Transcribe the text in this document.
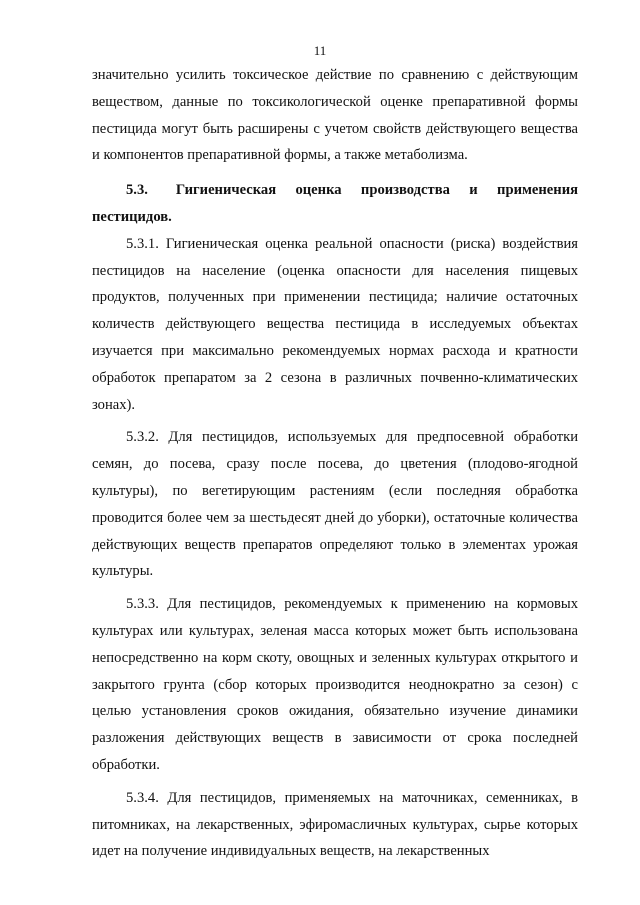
11

значительно усилить токсическое действие по сравнению с действующим веществом, данные по токсикологической оценке препаративной формы пестицида могут быть расширены с учетом свойств действующего вещества и компонентов препаративной формы, а также метаболизма.

5.3. Гигиеническая оценка производства и применения пестицидов.

5.3.1. Гигиеническая оценка реальной опасности (риска) воздействия пестицидов на население (оценка опасности для населения пищевых продуктов, полученных при применении пестицида; наличие остаточных количеств действующего вещества пестицида в исследуемых объектах изучается при максимально рекомендуемых нормах расхода и кратности обработок препаратом за 2 сезона в различных почвенно-климатических зонах).

5.3.2. Для пестицидов, используемых для предпосевной обработки семян, до посева, сразу после посева, до цветения (плодово-ягодной культуры), по вегетирующим растениям (если последняя обработка проводится более чем за шестьдесят дней до уборки), остаточные количества действующих веществ препаратов определяют только в элементах урожая культуры.

5.3.3. Для пестицидов, рекомендуемых к применению на кормовых культурах или культурах, зеленая масса которых может быть использована непосредственно на корм скоту, овощных и зеленных культурах открытого и закрытого грунта (сбор которых производится неоднократно за сезон) с целью установления сроков ожидания, обязательно изучение динамики разложения действующих веществ в зависимости от срока последней обработки.

5.3.4. Для пестицидов, применяемых на маточниках, семенниках, в питомниках, на лекарственных, эфиромасличных культурах, сырье которых идет на получение индивидуальных веществ, на лекарственных
